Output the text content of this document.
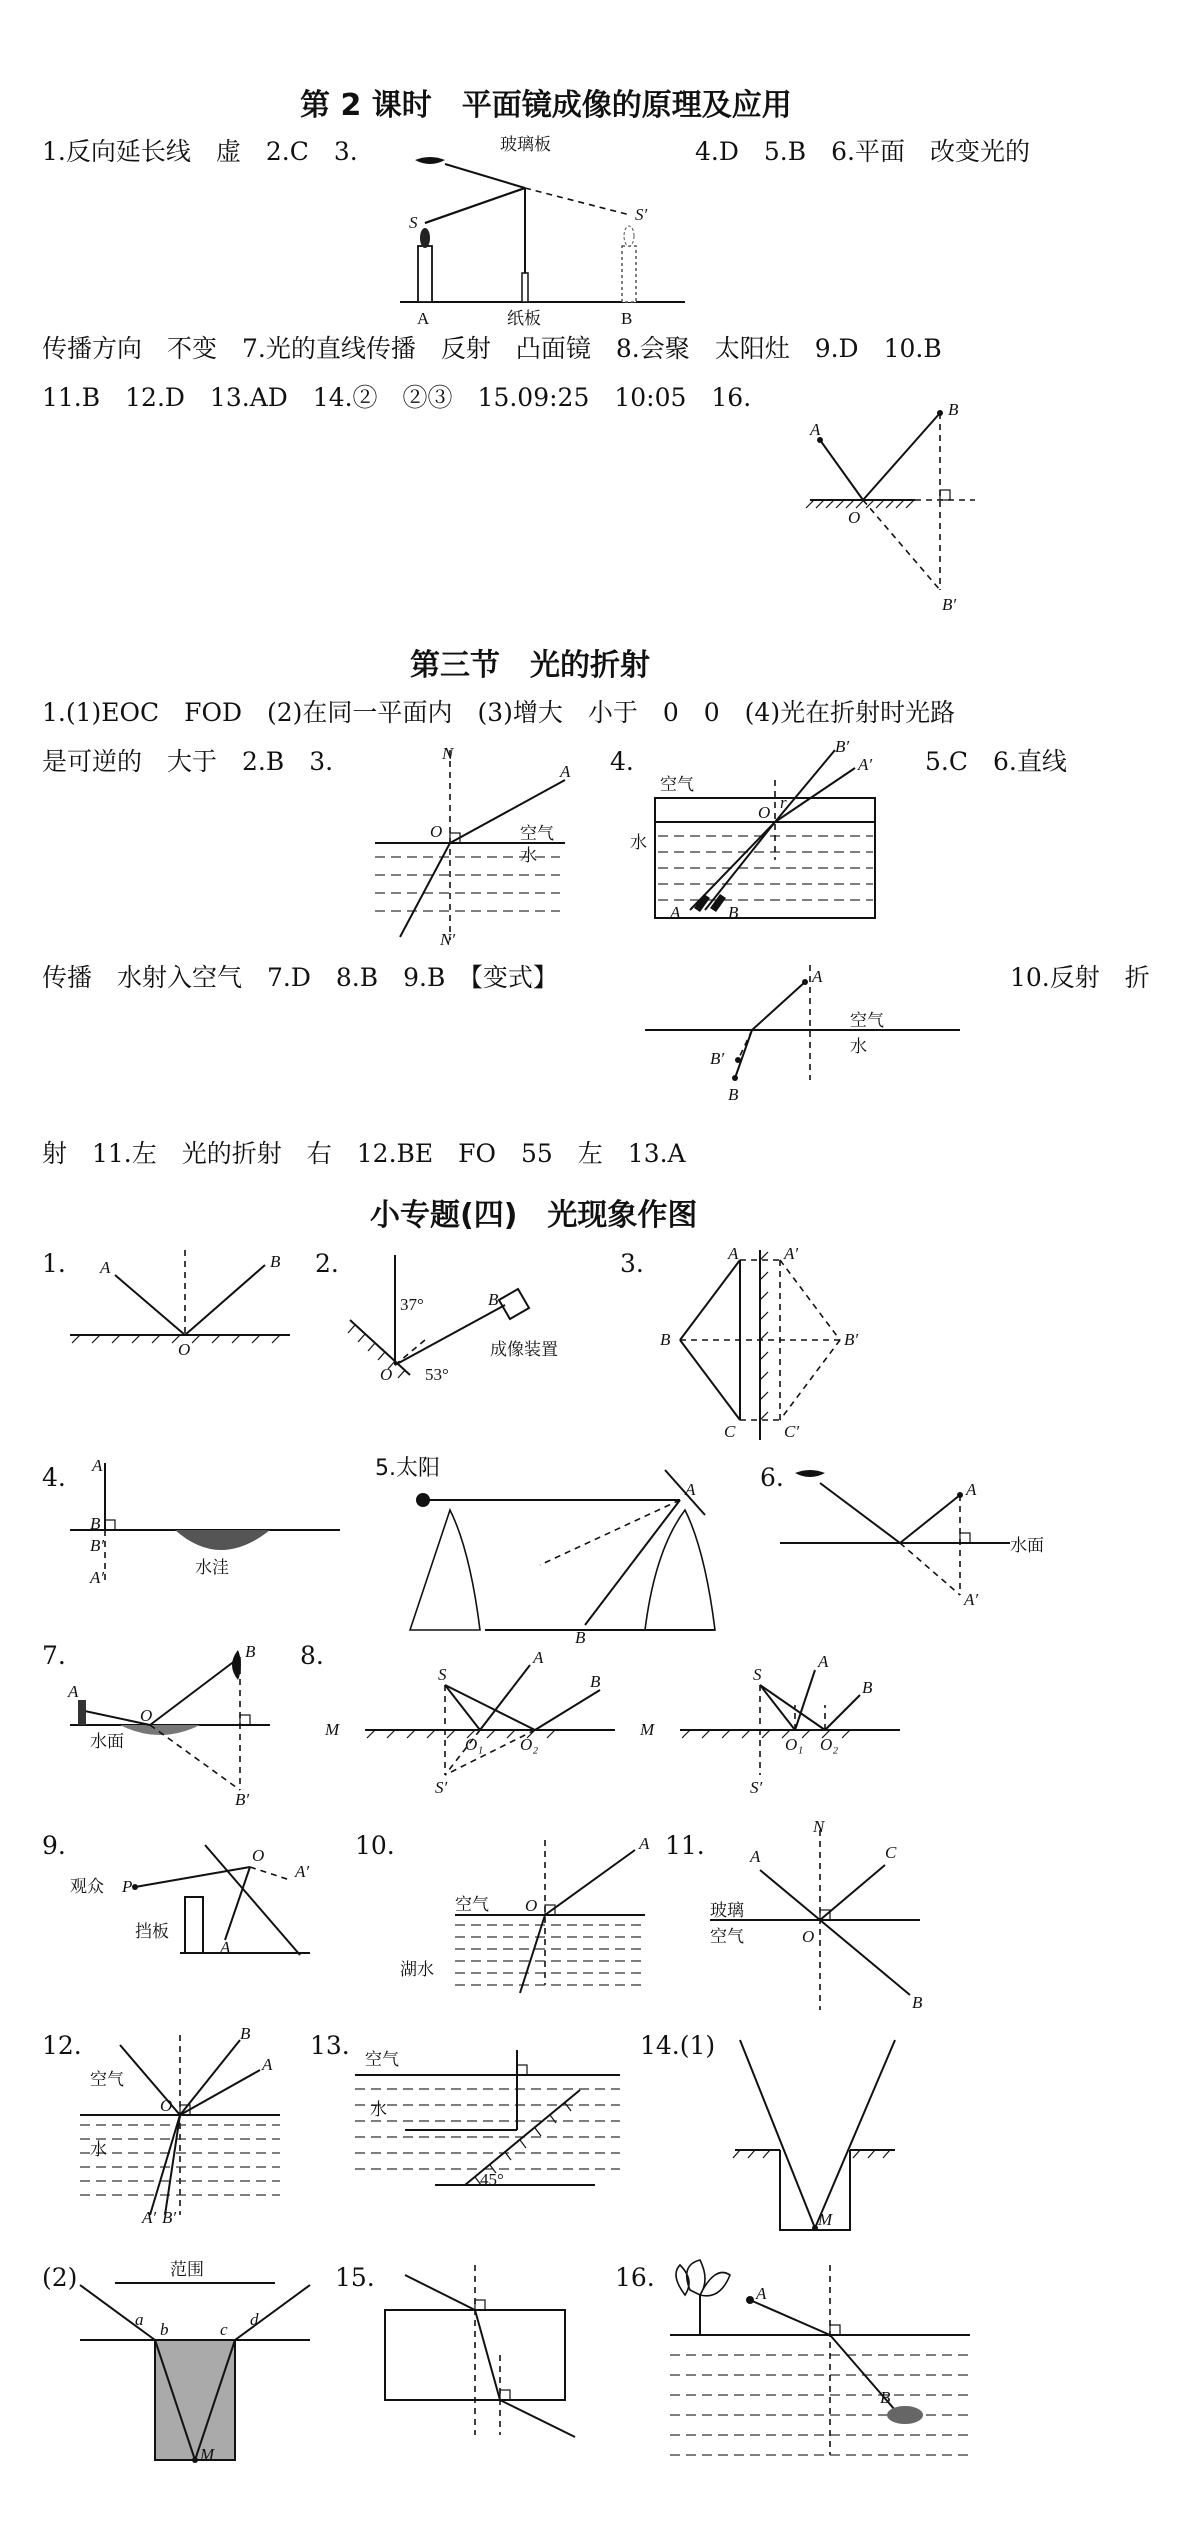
第 2 课时　平面镜成像的原理及应用
1.反向延长线　虚　2.C　3.	4.D　5.B　6.平面　改变光的
玻璃板
S	S′
A	纸板	B
传播方向　不变　7.光的直线传播　反射　凸面镜　8.会聚　太阳灶　9.D　10.B
11.B　12.D　13.AD　14.②　②③　15.09:25　10:05　16.
A
B
O
B′
第三节　光的折射
1.(1)EOC　FOD　(2)在同一平面内　(3)增大　小于　0　0　(4)光在折射时光路
是可逆的　大于　2.B　3.	4.	5.C　6.直线
N
O
A
空气
水
N′
空气
水
O
r
B′
A′
A	B
传播　水射入空气　7.D　8.B　9.B　【变式】	10.反射　折
A
空气
水
B′
B
射　11.左　光的折射　右　12.BE　FO　55　左　13.A
小专题(四)　光现象作图
1. A	B
O
2.
37°	B
O 53°
成像装置
3.	A	A′
B	B′
C	C′
4. A
B
B′
A′	水洼
5.太阳
A
B
6.	A
水面
A′
7.
A
B
O
水面
B′
8.
M
S
A
B
O₁ O₂
S′
M
S
A
B
O₁ O₂
S′
9.
观众 P
O
A′
A
挡板
10.
空气 O
A
湖水
11.
N
A	C
玻璃
空气	O
B
12.	B
A
空气
O
水
A′ B′
13. 空气
水
45°
14.(1)
M
(2)	范围
a
b	c
d
M
15.	16.
A
B
